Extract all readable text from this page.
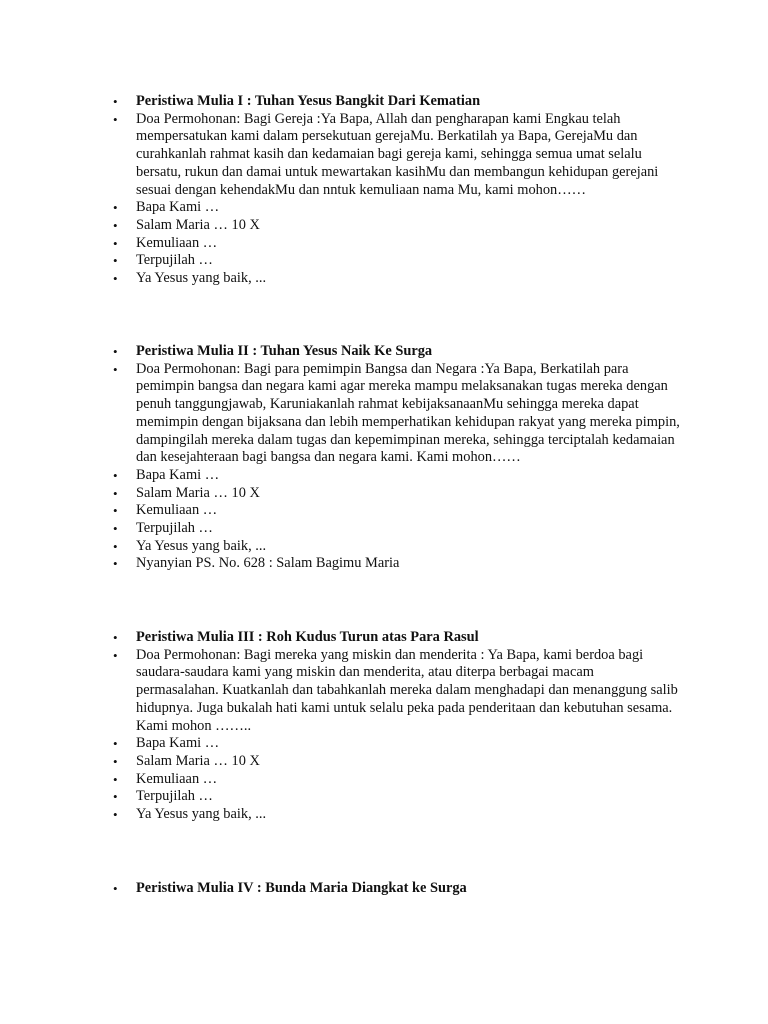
• Peristiwa Mulia I : Tuhan Yesus Bangkit Dari Kematian
• Doa Permohonan: Bagi Gereja :Ya Bapa, Allah dan pengharapan kami Engkau telah mempersatukan kami dalam persekutuan gerejaMu. Berkatilah ya Bapa, GerejaMu dan curahkanlah rahmat kasih dan kedamaian bagi gereja kami, sehingga semua umat selalu bersatu, rukun dan damai untuk mewartakan kasihMu dan membangun kehidupan gerejani sesuai dengan kehendakMu dan nntuk kemuliaan nama Mu, kami mohon……
• Bapa Kami …
• Salam Maria … 10 X
• Kemuliaan …
• Terpujilah …
• Ya Yesus yang baik, ...
• Peristiwa Mulia II : Tuhan Yesus Naik Ke Surga
• Doa Permohonan: Bagi para pemimpin Bangsa dan Negara :Ya Bapa, Berkatilah para pemimpin bangsa dan negara kami agar mereka mampu melaksanakan tugas mereka dengan penuh tanggungjawab, Karuniakanlah rahmat kebijaksanaanMu sehingga mereka dapat memimpin dengan bijaksana dan lebih memperhatikan kehidupan rakyat yang mereka pimpin, dampingilah mereka dalam tugas dan kepemimpinan mereka, sehingga terciptalah kedamaian dan kesejahteraan bagi bangsa dan negara kami. Kami mohon……
• Bapa Kami …
• Salam Maria … 10 X
• Kemuliaan …
• Terpujilah …
• Ya Yesus yang baik, ...
• Nyanyian PS. No. 628 : Salam Bagimu Maria
• Peristiwa Mulia III : Roh Kudus Turun atas Para Rasul
• Doa Permohonan: Bagi mereka yang miskin dan menderita : Ya Bapa, kami berdoa bagi saudara-saudara kami yang miskin dan menderita, atau diterpa berbagai macam permasalahan. Kuatkanlah dan tabahkanlah mereka dalam menghadapi dan menanggung salib hidupnya. Juga bukalah hati kami untuk selalu peka pada penderitaan dan kebutuhan sesama. Kami mohon ……..
• Bapa Kami …
• Salam Maria … 10 X
• Kemuliaan …
• Terpujilah …
• Ya Yesus yang baik, ...
• Peristiwa Mulia IV : Bunda Maria Diangkat ke Surga
